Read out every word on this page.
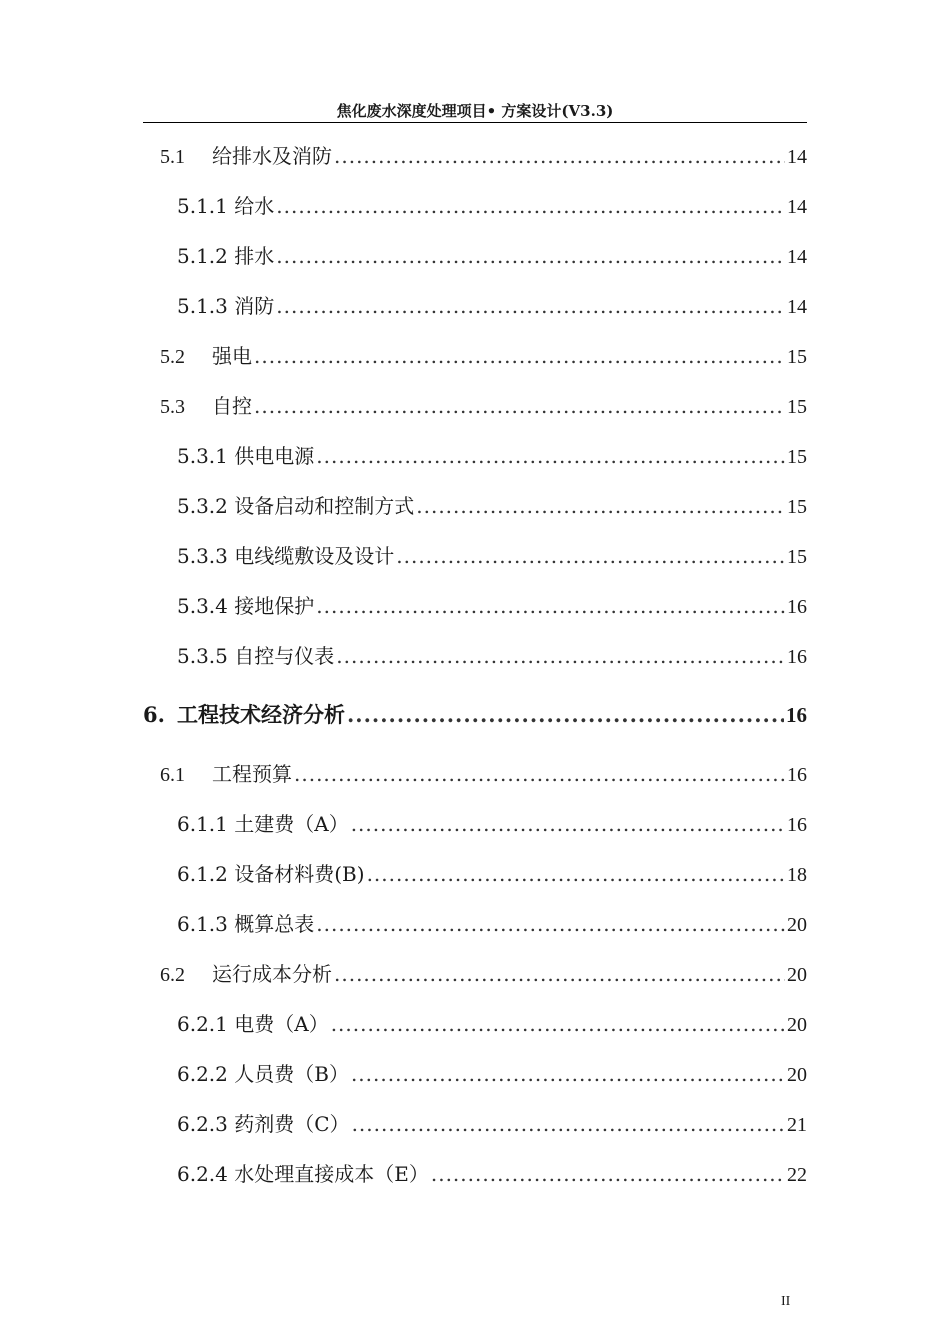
焦化废水深度处理项目• 方案设计(V3.3)
5.1 给排水及消防 .....	14
5.1.1 给水 .....	14
5.1.2 排水 .....	14
5.1.3 消防 .....	14
5.2 强电 .....	15
5.3 自控 .....	15
5.3.1 供电电源 .....	15
5.3.2 设备启动和控制方式 .....	15
5.3.3 电线缆敷设及设计 .....	15
5.3.4 接地保护 .....	16
5.3.5 自控与仪表 .....	16
6. 工程技术经济分析 .....	16
6.1 工程预算 .....	16
6.1.1 土建费（A） .....	16
6.1.2 设备材料费(B) .....	18
6.1.3 概算总表 .....	20
6.2 运行成本分析 .....	20
6.2.1 电费（A） .....	20
6.2.2 人员费（B） .....	20
6.2.3 药剂费（C） .....	21
6.2.4 水处理直接成本（E） .....	22
II
